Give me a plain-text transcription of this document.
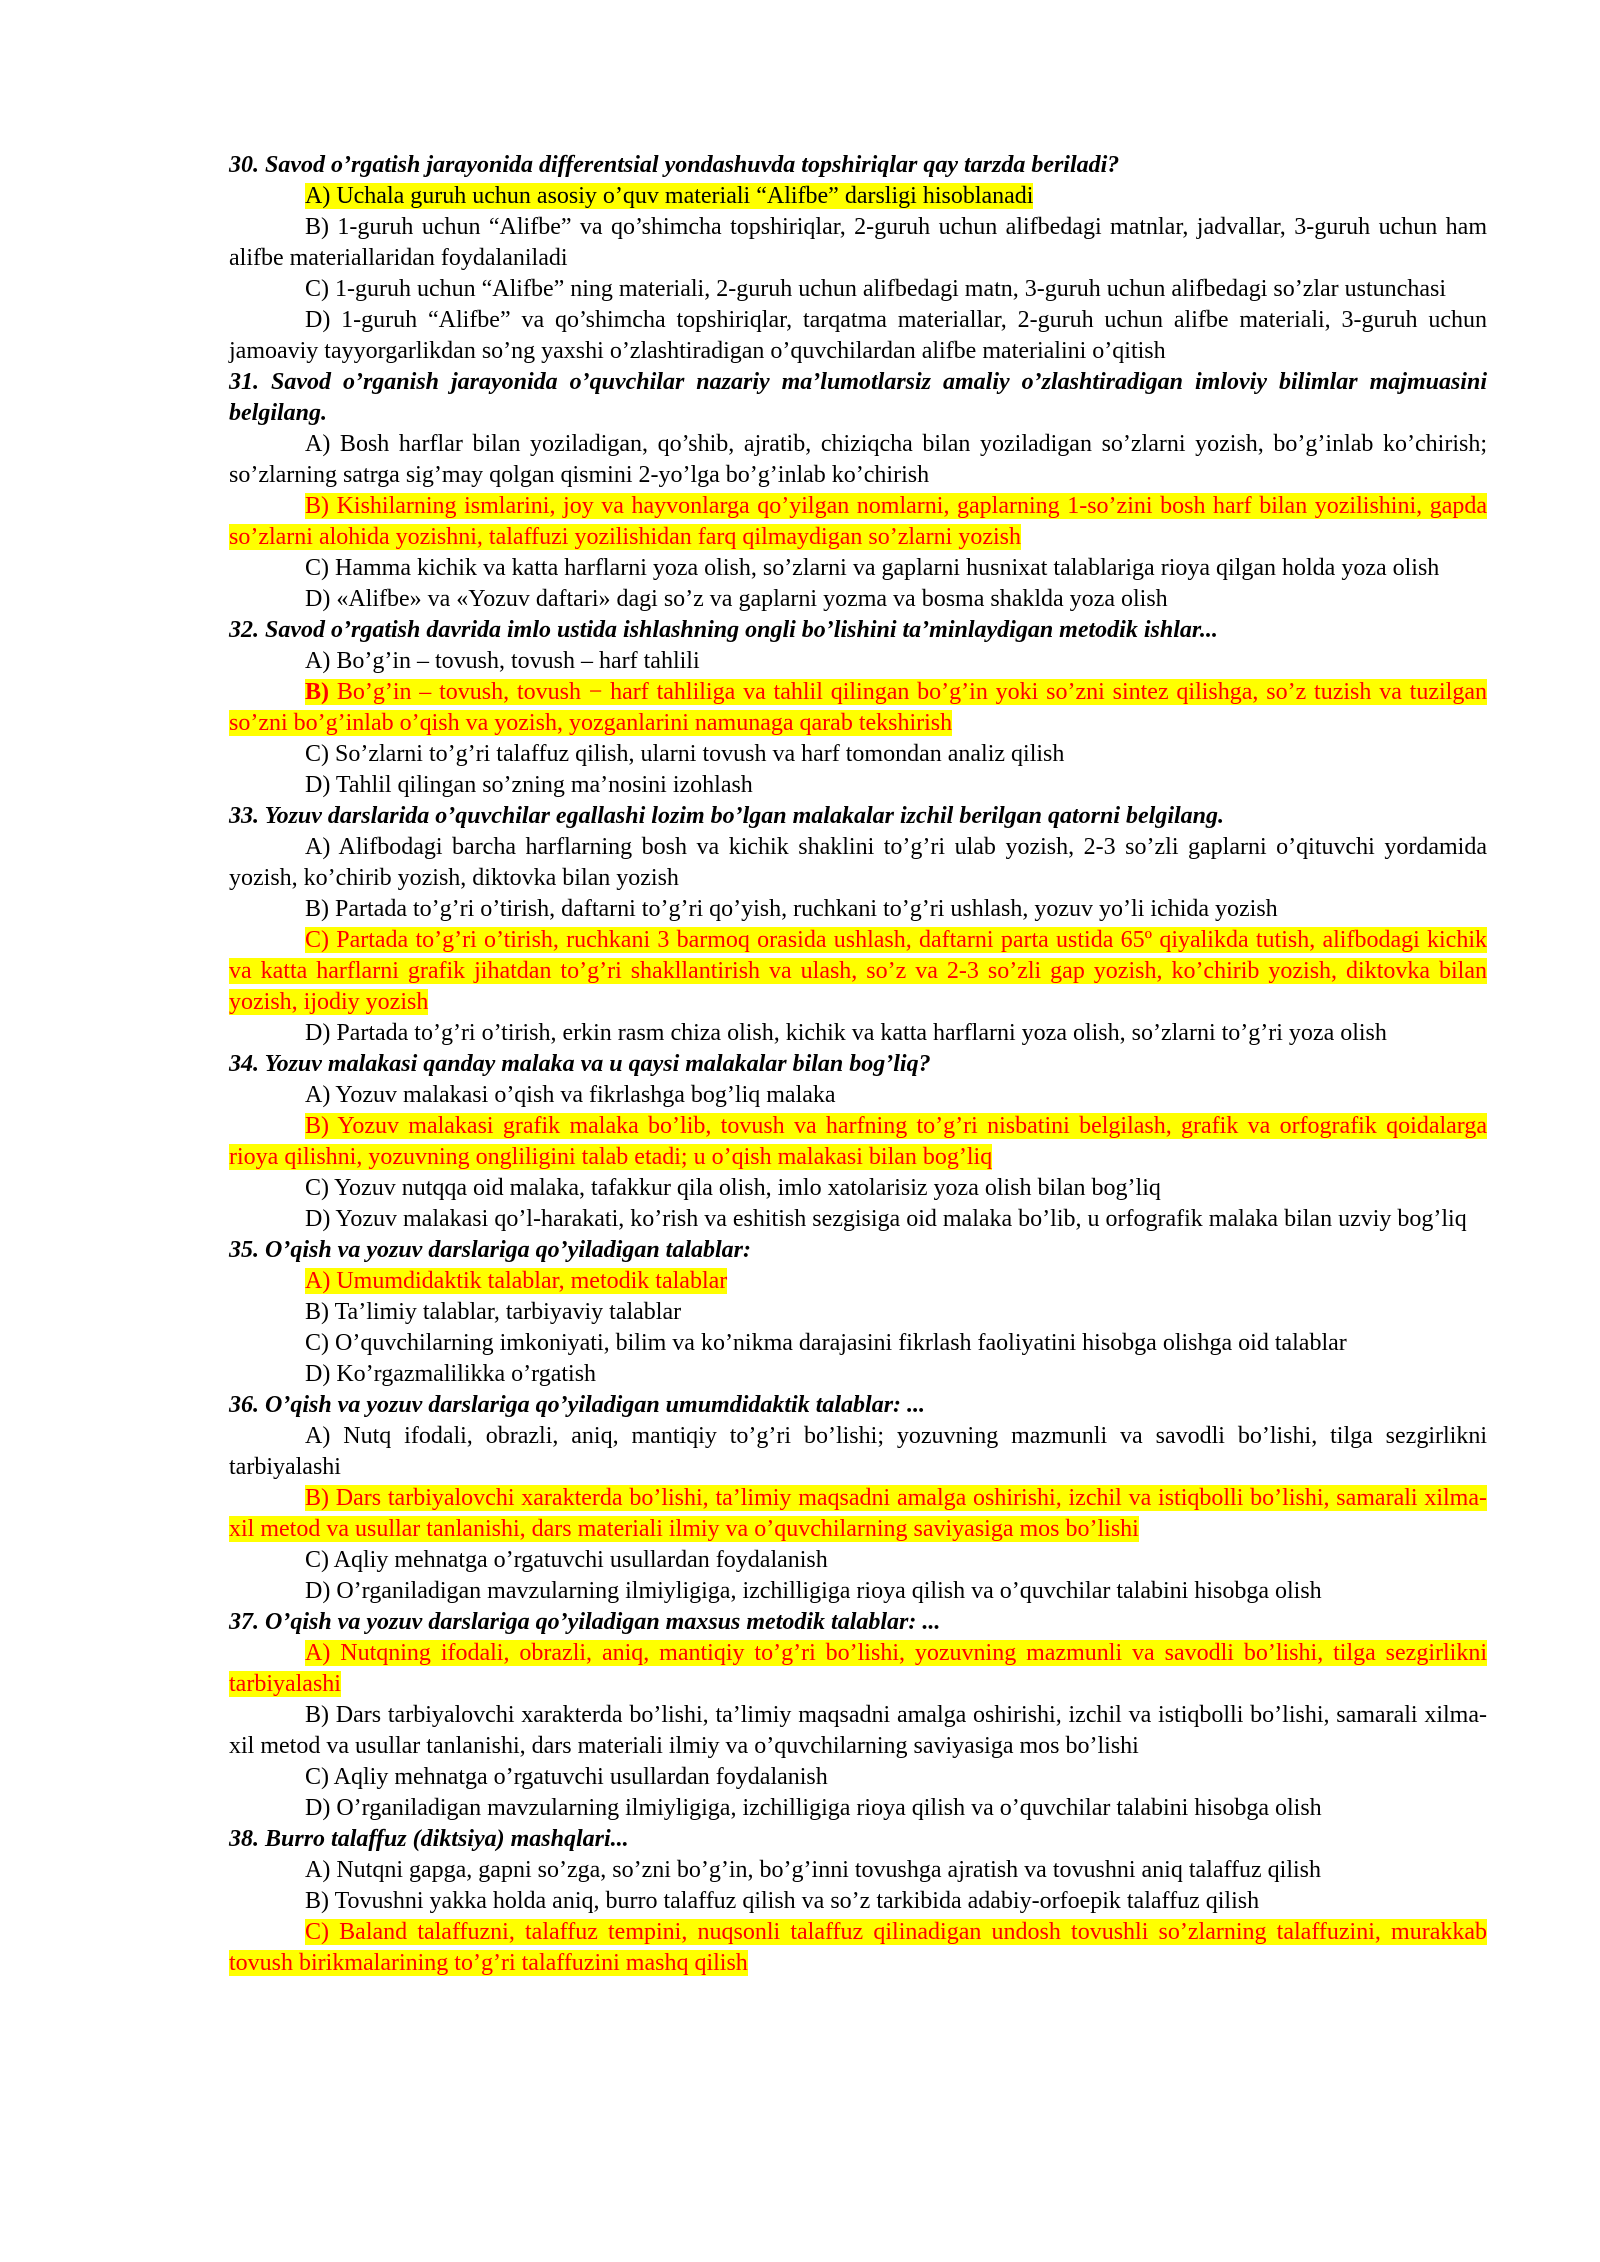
30. Savod o’rgatish jarayonida differentsial yondashuvda topshiriqlar qay tarzda beriladi?

A) Uchala guruh uchun asosiy o’quv materiali “Alifbe” darsligi hisoblanadi

B) 1-guruh uchun “Alifbe” va qo’shimcha topshiriqlar, 2-guruh uchun alifbedagi matnlar, jadvallar, 3-guruh uchun ham alifbe materiallaridan foydalaniladi

C) 1-guruh uchun “Alifbe” ning materiali, 2-guruh uchun alifbedagi matn, 3-guruh uchun alifbedagi so’zlar ustunchasi

D) 1-guruh “Alifbe” va qo’shimcha topshiriqlar, tarqatma materiallar, 2-guruh uchun alifbe materiali, 3-guruh uchun jamoaviy tayyorgarlikdan so’ng yaxshi o’zlashtiradigan o’quvchilardan alifbe materialini o’qitish

31. Savod o’rganish jarayonida o’quvchilar nazariy ma’lumotlarsiz amaliy o’zlashtiradigan imloviy bilimlar majmuasini belgilang.

A) Bosh harflar bilan yoziladigan, qo’shib, ajratib, chiziqcha bilan yoziladigan so’zlarni yozish, bo’g’inlab ko’chirish; so’zlarning satrga sig’may qolgan qismini 2-yo’lga bo’g’inlab ko’chirish

B) Kishilarning ismlarini, joy va hayvonlarga qo’yilgan nomlarni, gaplarning 1-so’zini bosh harf bilan yozilishini, gapda so’zlarni alohida yozishni, talaffuzi yozilishidan farq qilmaydigan so’zlarni yozish

C) Hamma kichik va katta harflarni yoza olish, so’zlarni va gaplarni husnixat talablariga rioya qilgan holda yoza olish

D) «Alifbe» va «Yozuv daftari» dagi so’z va gaplarni yozma va bosma shaklda yoza olish

32. Savod o’rgatish davrida imlo ustida ishlashning ongli bo’lishini ta’minlaydigan metodik ishlar...

A) Bo’g’in – tovush, tovush – harf tahlili

B) Bo’g’in – tovush, tovush − harf tahliliga va tahlil qilingan bo’g’in yoki so’zni sintez qilishga, so’z tuzish va tuzilgan so’zni bo’g’inlab o’qish va yozish, yozganlarini namunaga qarab tekshirish

C) So’zlarni to’g’ri talaffuz qilish, ularni tovush va harf tomondan analiz qilish

D) Tahlil qilingan so’zning ma’nosini izohlash

33. Yozuv darslarida o’quvchilar egallashi lozim bo’lgan malakalar izchil berilgan qatorni belgilang.

A) Alifbodagi barcha harflarning bosh va kichik shaklini to’g’ri ulab yozish, 2-3 so’zli gaplarni o’qituvchi yordamida yozish, ko’chirib yozish, diktovka bilan yozish

B) Partada to’g’ri o’tirish, daftarni to’g’ri qo’yish, ruchkani to’g’ri ushlash, yozuv yo’li ichida yozish

C) Partada to’g’ri o’tirish, ruchkani 3 barmoq orasida ushlash, daftarni parta ustida 65º qiyalikda tutish, alifbodagi kichik va katta harflarni grafik jihatdan to’g’ri shakllantirish va ulash, so’z va 2-3 so’zli gap yozish, ko’chirib yozish, diktovka bilan yozish, ijodiy yozish

D) Partada to’g’ri o’tirish, erkin rasm chiza olish, kichik va katta harflarni yoza olish, so’zlarni to’g’ri yoza olish

34. Yozuv malakasi qanday malaka va u qaysi malakalar bilan bog’liq?

A) Yozuv malakasi o’qish va fikrlashga bog’liq malaka

B) Yozuv malakasi grafik malaka bo’lib, tovush va harfning to’g’ri nisbatini belgilash, grafik va orfografik qoidalarga rioya qilishni, yozuvning ongliligini talab etadi; u o’qish malakasi bilan bog’liq

C) Yozuv nutqqa oid malaka, tafakkur qila olish, imlo xatolarisiz yoza olish bilan bog’liq

D) Yozuv malakasi qo’l-harakati, ko’rish va eshitish sezgisiga oid malaka bo’lib, u orfografik malaka bilan uzviy bog’liq

35. O’qish va yozuv darslariga qo’yiladigan talablar:

A) Umumdidaktik talablar, metodik talablar

B) Ta’limiy talablar, tarbiyaviy talablar

C) O’quvchilarning imkoniyati, bilim va ko’nikma darajasini fikrlash faoliyatini hisobga olishga oid talablar

D) Ko’rgazmalilikka o’rgatish

36. O’qish va yozuv darslariga qo’yiladigan umumdidaktik talablar: ...

A) Nutq ifodali, obrazli, aniq, mantiqiy to’g’ri bo’lishi; yozuvning mazmunli va savodli bo’lishi, tilga sezgirlikni tarbiyalashi

B) Dars tarbiyalovchi xarakterda bo’lishi, ta’limiy maqsadni amalga oshirishi, izchil va istiqbolli bo’lishi, samarali xilma-xil metod va usullar tanlanishi, dars materiali ilmiy va o’quvchilarning saviyasiga mos bo’lishi

C) Aqliy mehnatga o’rgatuvchi usullardan foydalanish

D) O’rganiladigan mavzularning ilmiyligiga, izchilligiga rioya qilish va o’quvchilar talabini hisobga olish

37. O’qish va yozuv darslariga qo’yiladigan maxsus metodik talablar: ...

A) Nutqning ifodali, obrazli, aniq, mantiqiy to’g’ri bo’lishi, yozuvning mazmunli va savodli bo’lishi, tilga sezgirlikni tarbiyalashi

B) Dars tarbiyalovchi xarakterda bo’lishi, ta’limiy maqsadni amalga oshirishi, izchil va istiqbolli bo’lishi, samarali xilma-xil metod va usullar tanlanishi, dars materiali ilmiy va o’quvchilarning saviyasiga mos bo’lishi

C) Aqliy mehnatga o’rgatuvchi usullardan foydalanish

D) O’rganiladigan mavzularning ilmiyligiga, izchilligiga rioya qilish va o’quvchilar talabini hisobga olish

38. Burro talaffuz (diktsiya) mashqlari...

A) Nutqni gapga, gapni so’zga, so’zni bo’g’in, bo’g’inni tovushga ajratish va tovushni aniq talaffuz qilish

B) Tovushni yakka holda aniq, burro talaffuz qilish va so’z tarkibida adabiy-orfoepik talaffuz qilish

C) Baland talaffuzni, talaffuz tempini, nuqsonli talaffuz qilinadigan undosh tovushli so’zlarning talaffuzini, murakkab tovush birikmalarining to’g’ri talaffuzini mashq qilish
